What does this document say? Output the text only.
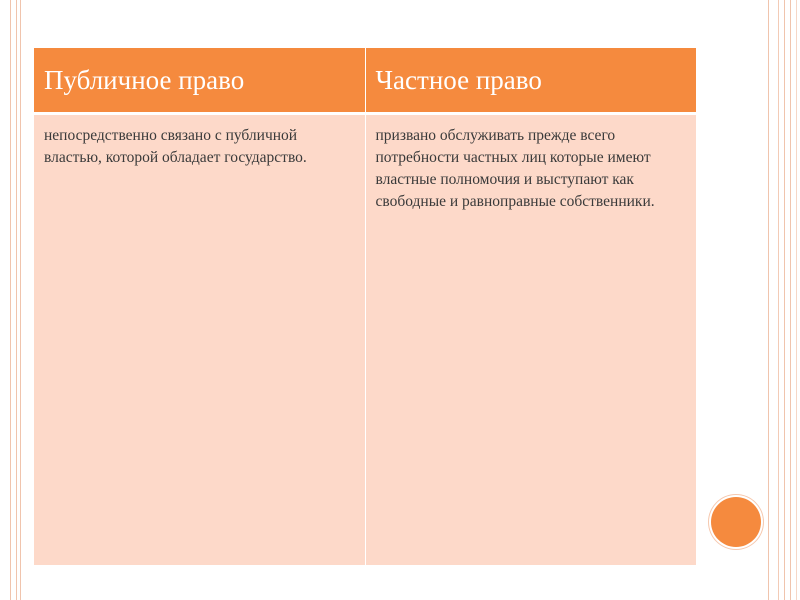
Публичное право	Частное право
непосредственно связано с публичной властью, которой обладает государство.	призвано обслуживать прежде всего потребности частных лиц которые имеют властные полномочия и выступают как свободные и равноправные собственники.
